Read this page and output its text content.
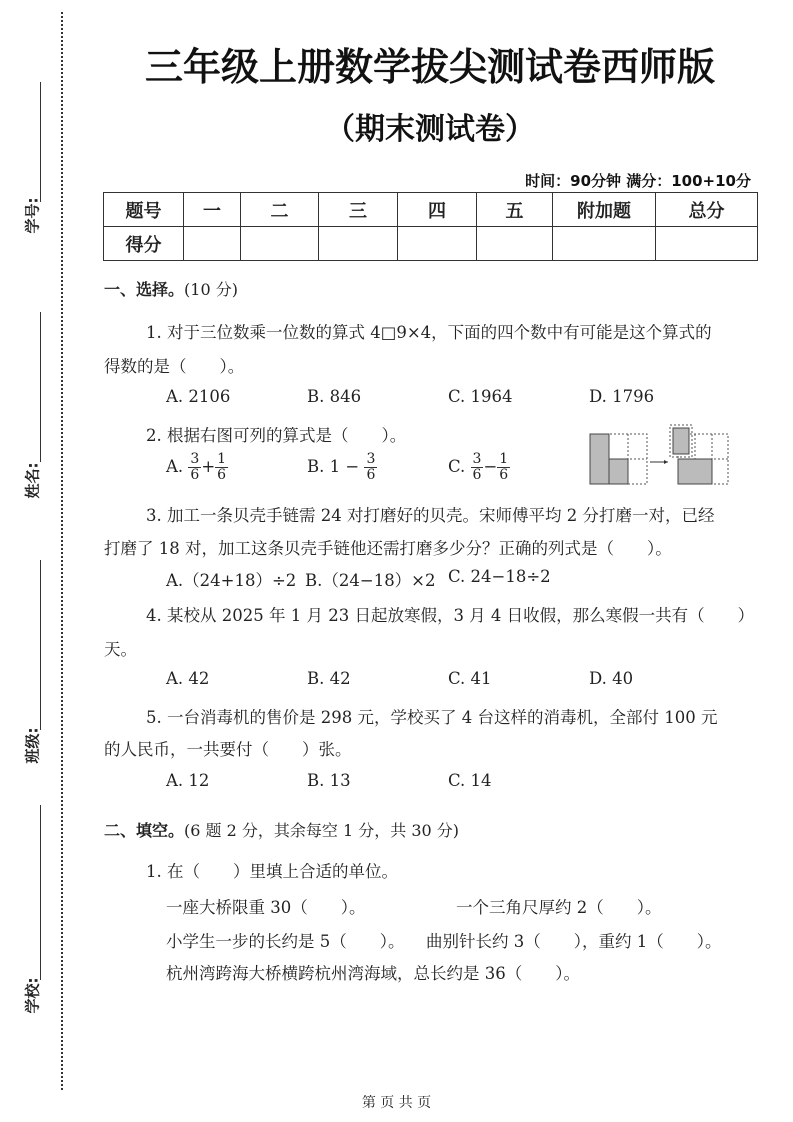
学号:
姓名:
班级:
学校:
三年级上册数学拔尖测试卷西师版
（期末测试卷）
时间：90分钟 满分：100+10分
题号	一	二	三	四	五	附加题	总分
得分							
一、选择。(10 分)
1. 对于三位数乘一位数的算式 4□9×4，下面的四个数中有可能是这个算式的
得数的是（　　）。
A. 2106	B. 846	C. 1964	D. 1796
2. 根据右图可列的算式是（　　）。
A. $\frac{3}{6} + \frac{1}{6}$	B. $1 - \frac{3}{6}$	C. $\frac{3}{6} - \frac{1}{6}$
3. 加工一条贝壳手链需 24 对打磨好的贝壳。宋师傅平均 2 分打磨一对，已经
打磨了 18 对，加工这条贝壳手链他还需打磨多少分？正确的列式是（　　）。
A.（24+18）÷2 B.（24−18）×2 C. 24−18÷2
4. 某校从 2025 年 1 月 23 日起放寒假，3 月 4 日收假，那么寒假一共有（　　）
天。
A. 42	B. 42	C. 41	D. 40
5. 一台消毒机的售价是 298 元，学校买了 4 台这样的消毒机，全部付 100 元
的人民币，一共要付（　　）张。
A. 12	B. 13	C. 14
二、填空。(6 题 2 分，其余每空 1 分，共 30 分)
1. 在（　　）里填上合适的单位。
一座大桥限重 30（　　）。	一个三角尺厚约 2（　　）。
小学生一步的长约是 5（　　）。 曲别针长约 3（　　），重约 1（　　）。
杭州湾跨海大桥横跨杭州湾海域，总长约是 36（　　）。
第 页 共 页
